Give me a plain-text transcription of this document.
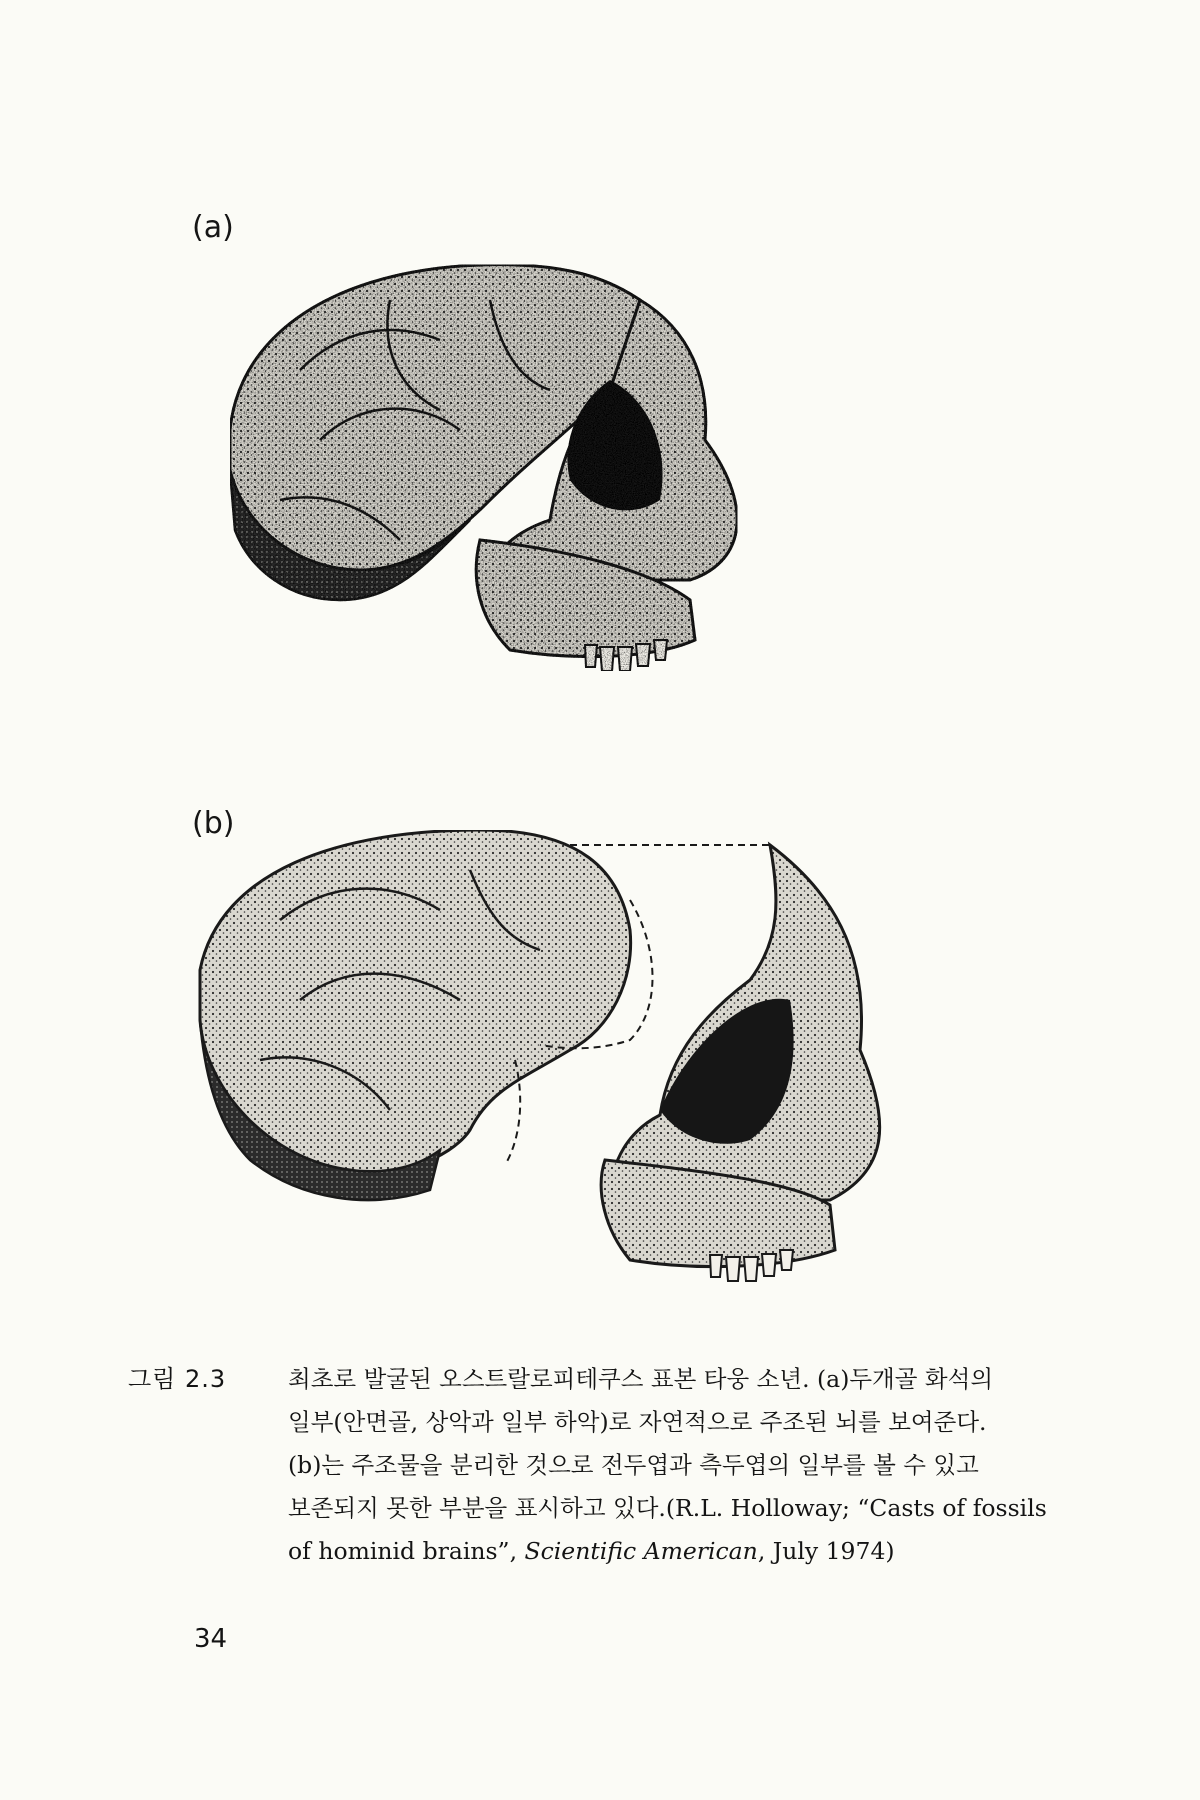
(a)
(b)
그림 2.3	최초로 발굴된 오스트랄로피테쿠스 표본 타웅 소년. (a)두개골 화석의
일부(안면골, 상악과 일부 하악)로 자연적으로 주조된 뇌를 보여준다.
(b)는 주조물을 분리한 것으로 전두엽과 측두엽의 일부를 볼 수 있고
보존되지 못한 부분을 표시하고 있다.(R.L. Holloway; “Casts of fossils
of hominid brains”, Scientific American, July 1974)
34
